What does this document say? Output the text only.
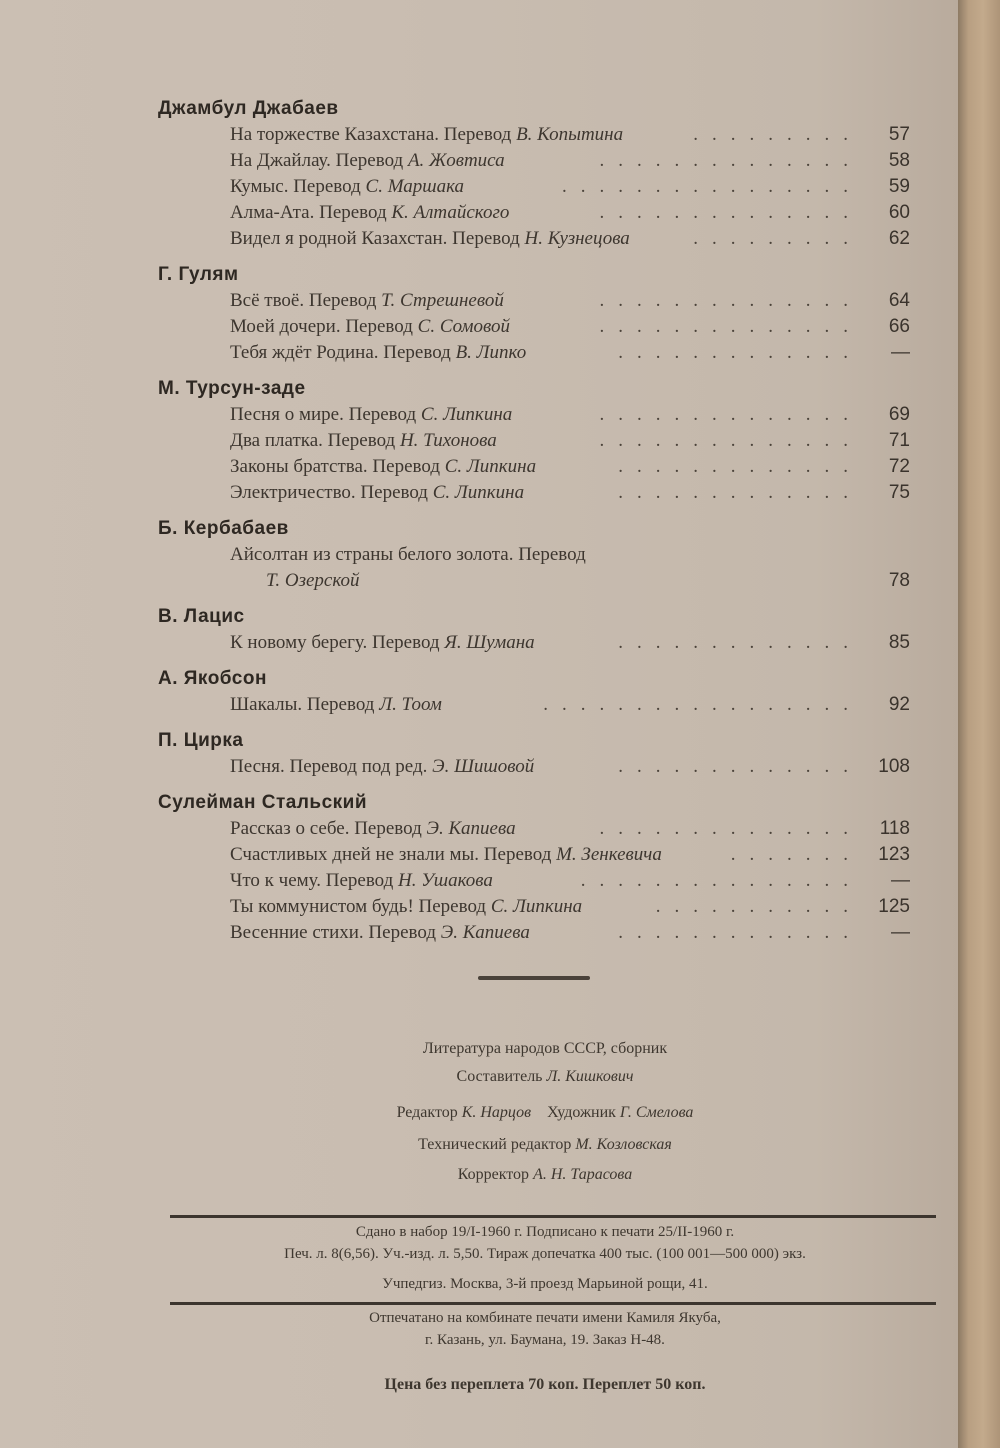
Джамбул Джабаев
На торжестве Казахстана. Перевод В. Копытина	.........	57
На Джайлау. Перевод А. Жовтиса	..............	58
Кумыс. Перевод С. Маршака	................	59
Алма-Ата. Перевод К. Алтайского	..............	60
Видел я родной Казахстан. Перевод Н. Кузнецова	.........	62
Г. Гулям
Всё твоё. Перевод Т. Стрешневой	..............	64
Моей дочери. Перевод С. Сомовой	..............	66
Тебя ждёт Родина. Перевод В. Липко	.............	—
М. Турсун-заде
Песня о мире. Перевод С. Липкина	..............	69
Два платка. Перевод Н. Тихонова	..............	71
Законы братства. Перевод С. Липкина	.............	72
Электричество. Перевод С. Липкина	.............	75
Б. Кербабаев
Айсолтан из страны белого золота. Перевод
Т. Озерской	78
В. Лацис
К новому берегу. Перевод Я. Шумана	.............	85
А. Якобсон
Шакалы. Перевод Л. Тоом	.................	92
П. Цирка
Песня. Перевод под ред. Э. Шишовой	............. 108
Сулейман Стальский
Рассказ о себе. Перевод Э. Капиева	.............. 118
Счастливых дней не знали мы. Перевод М. Зенкевича	....... 123
Что к чему. Перевод Н. Ушакова	...............	—
Ты коммунистом будь! Перевод С. Липкина	........... 125
Весенние стихи. Перевод Э. Капиева	.............	—
Литература народов СССР, сборник
Составитель Л. Кишкович
Редактор К. Нарцов Художник Г. Смелова
Технический редактор М. Козловская
Корректор А. Н. Тарасова
Сдано в набор 19/I-1960 г. Подписано к печати 25/II-1960 г.
Печ. л. 8(6,56). Уч.-изд. л. 5,50. Тираж допечатка 400 тыс. (100 001—500 000) экз.
Учпедгиз. Москва, 3-й проезд Марьиной рощи, 41.
Отпечатано на комбинате печати имени Камиля Якуба,
г. Казань, ул. Баумана, 19. Заказ Н-48.
Цена без переплета 70 коп. Переплет 50 коп.
